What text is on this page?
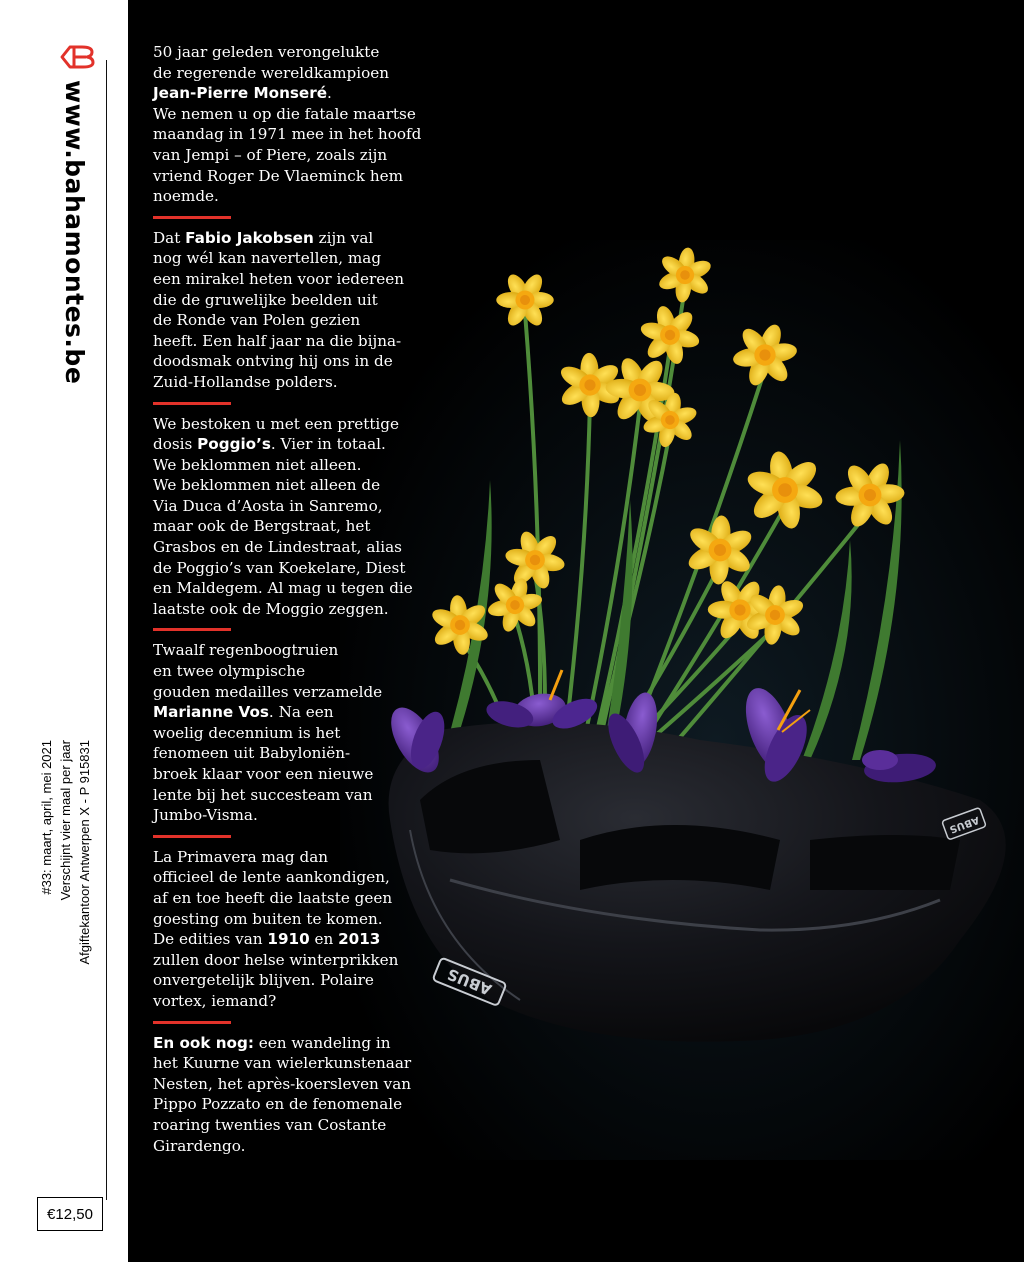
www.bahamontes.be
Afgiftekantoor Antwerpen X - P 915831
Verschijnt vier maal per jaar
#33: maart, april, mei 2021
€12,50
ABUS
ABUS
50 jaar geleden verongelukte
de regerende wereldkampioen
Jean-Pierre Monseré.
We nemen u op die fatale maartse
maandag in 1971 mee in het hoofd
van Jempi – of Piere, zoals zijn
vriend Roger De Vlaeminck hem
noemde.
Dat Fabio Jakobsen zijn val
nog wél kan navertellen, mag
een mirakel heten voor iedereen
die de gruwelijke beelden uit
de Ronde van Polen gezien
heeft. Een half jaar na die bijna-
doodsmak ontving hij ons in de
Zuid-Hollandse polders.
We bestoken u met een prettige
dosis Poggio’s. Vier in totaal.
We beklommen niet alleen.
We beklommen niet alleen de
Via Duca d’Aosta in Sanremo,
maar ook de Bergstraat, het
Grasbos en de Lindestraat, alias
de Poggio’s van Koekelare, Diest
en Maldegem. Al mag u tegen die
laatste ook de Moggio zeggen.
Twaalf regenboogtruien
en twee olympische
gouden medailles verzamelde
Marianne Vos. Na een
woelig decennium is het
fenomeen uit Babyloniën-
broek klaar voor een nieuwe
lente bij het succesteam van
Jumbo-Visma.
La Primavera mag dan
officieel de lente aankondigen,
af en toe heeft die laatste geen
goesting om buiten te komen.
De edities van 1910 en 2013
zullen door helse winterprikken
onvergetelijk blijven. Polaire
vortex, iemand?
En ook nog: een wandeling in
het Kuurne van wielerkunstenaar
Nesten, het après-koersleven van
Pippo Pozzato en de fenomenale
roaring twenties van Costante
Girardengo.
